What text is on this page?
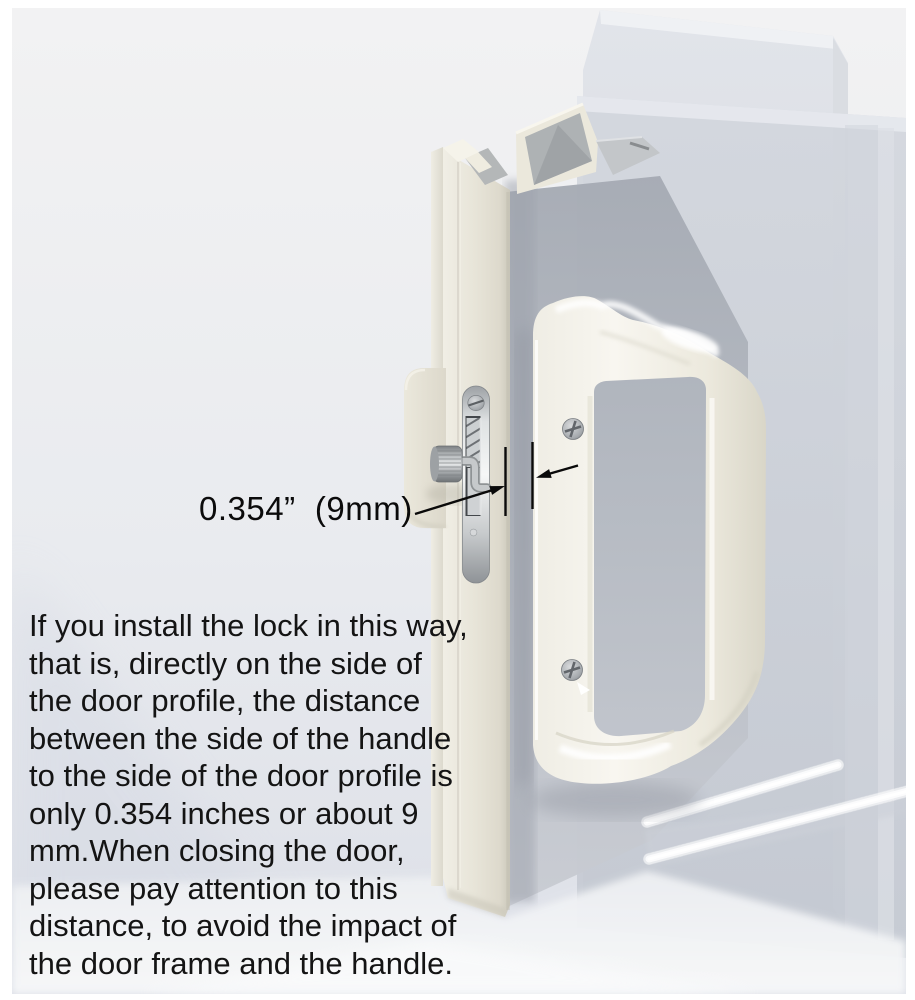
0.354”  (9mm)
If you install the lock in this way,
that is, directly on the side of
the door profile, the distance
between the side of the handle
to the side of the door profile is
only 0.354 inches or about 9
mm.When closing the door,
please pay attention to this
distance, to avoid the impact of
the door frame and the handle.
